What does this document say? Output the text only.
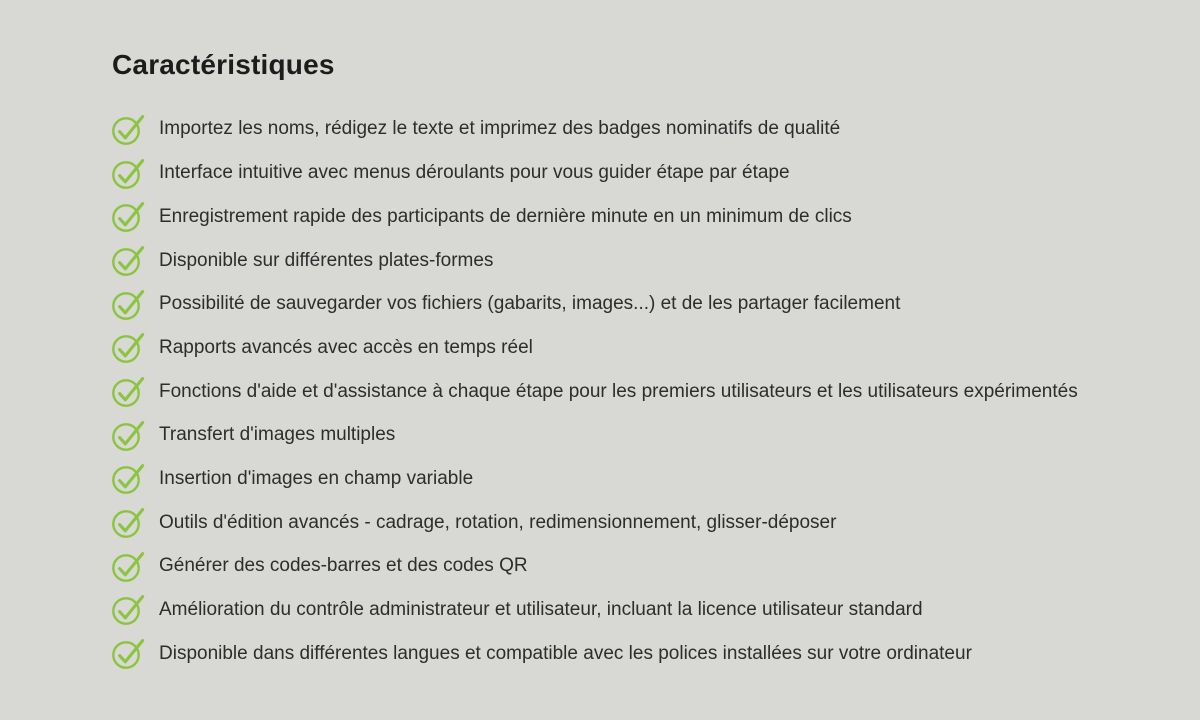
Caractéristiques
Importez les noms, rédigez le texte et imprimez des badges nominatifs de qualité
Interface intuitive avec menus déroulants pour vous guider étape par étape
Enregistrement rapide des participants de dernière minute en un minimum de clics
Disponible sur différentes plates-formes
Possibilité de sauvegarder vos fichiers (gabarits, images...) et de les partager facilement
Rapports avancés avec accès en temps réel
Fonctions d'aide et d'assistance à chaque étape pour les premiers utilisateurs et les utilisateurs expérimentés
Transfert d'images multiples
Insertion d'images en champ variable
Outils d'édition avancés - cadrage, rotation, redimensionnement, glisser-déposer
Générer des codes-barres et des codes QR
Amélioration du contrôle administrateur et utilisateur, incluant la licence utilisateur standard
Disponible dans différentes langues et compatible avec les polices installées sur votre ordinateur
